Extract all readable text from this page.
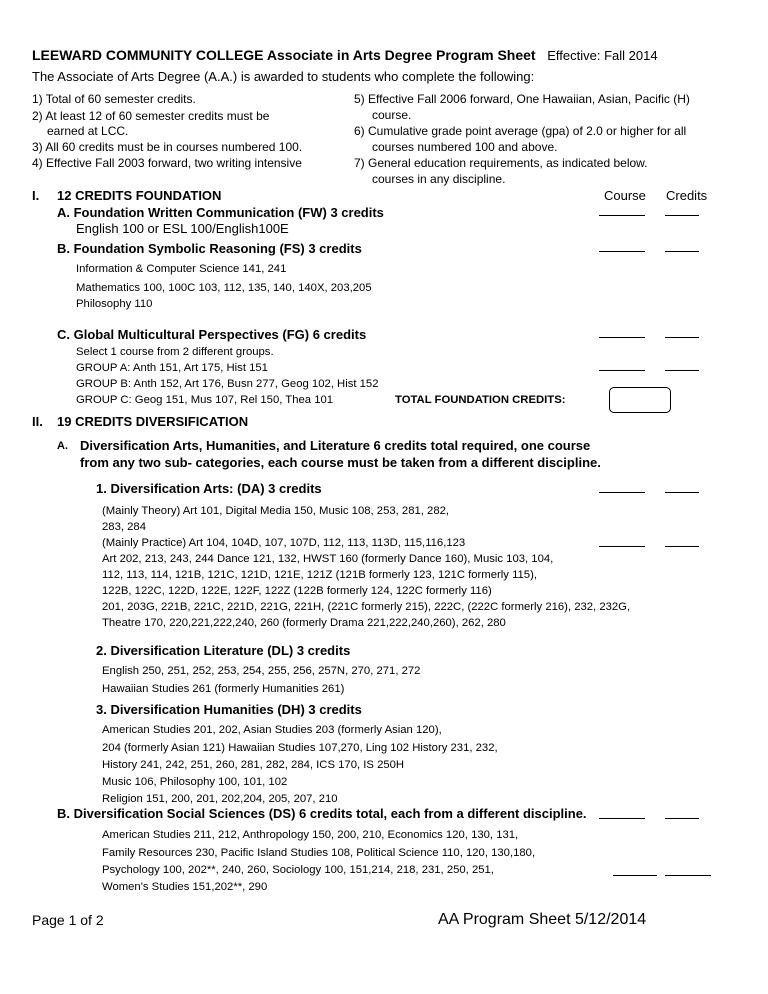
LEEWARD COMMUNITY COLLEGE Associate in Arts Degree Program Sheet Effective: Fall 2014
The Associate of Arts Degree (A.A.) is awarded to students who complete the following:
1) Total of 60 semester credits.
2) At least 12 of 60 semester credits must be
earned at LCC.
3) All 60 credits must be in courses numbered 100.
4) Effective Fall 2003 forward, two writing intensive
5) Effective Fall 2006 forward, One Hawaiian, Asian, Pacific (H)
course.
6) Cumulative grade point average (gpa) of 2.0 or higher for all
courses numbered 100 and above.
7) General education requirements, as indicated below.
courses in any discipline.
Course Credits
I. 12 CREDITS FOUNDATION
A. Foundation Written Communication (FW) 3 credits
English 100 or ESL 100/English100E
B. Foundation Symbolic Reasoning (FS) 3 credits
Information & Computer Science 141, 241
Mathematics 100, 100C 103, 112, 135, 140, 140X, 203,205
Philosophy 110
C. Global Multicultural Perspectives (FG) 6 credits
Select 1 course from 2 different groups.
GROUP A: Anth 151, Art 175, Hist 151
GROUP B: Anth 152, Art 176, Busn 277, Geog 102, Hist 152
GROUP C: Geog 151, Mus 107, Rel 150, Thea 101	TOTAL FOUNDATION CREDITS:
II. 19 CREDITS DIVERSIFICATION
A. Diversification Arts, Humanities, and Literature 6 credits total required, one course
from any two sub- categories, each course must be taken from a different discipline.
1. Diversification Arts: (DA) 3 credits
(Mainly Theory) Art 101, Digital Media 150, Music 108, 253, 281, 282,
283, 284
(Mainly Practice) Art 104, 104D, 107, 107D, 112, 113, 113D, 115,116,123
Art 202, 213, 243, 244 Dance 121, 132, HWST 160 (formerly Dance 160), Music 103, 104,
112, 113, 114, 121B, 121C, 121D, 121E, 121Z (121B formerly 123, 121C formerly 115),
122B, 122C, 122D, 122E, 122F, 122Z (122B formerly 124, 122C formerly 116)
201, 203G, 221B, 221C, 221D, 221G, 221H, (221C formerly 215), 222C, (222C formerly 216), 232, 232G,
Theatre 170, 220,221,222,240, 260 (formerly Drama 221,222,240,260), 262, 280
2. Diversification Literature (DL) 3 credits
English 250, 251, 252, 253, 254, 255, 256, 257N, 270, 271, 272
Hawaiian Studies 261 (formerly Humanities 261)
3. Diversification Humanities (DH) 3 credits
American Studies 201, 202, Asian Studies 203 (formerly Asian 120),
204 (formerly Asian 121) Hawaiian Studies 107,270, Ling 102 History 231, 232,
History 241, 242, 251, 260, 281, 282, 284, ICS 170, IS 250H
Music 106, Philosophy 100, 101, 102
Religion 151, 200, 201, 202,204, 205, 207, 210
B. Diversification Social Sciences (DS) 6 credits total, each from a different discipline.
American Studies 211, 212, Anthropology 150, 200, 210, Economics 120, 130, 131,
Family Resources 230, Pacific Island Studies 108, Political Science 110, 120, 130,180,
Psychology 100, 202**, 240, 260, Sociology 100, 151,214, 218, 231, 250, 251,
Women's Studies 151,202**, 290
Page 1 of 2	AA Program Sheet 5/12/2014
